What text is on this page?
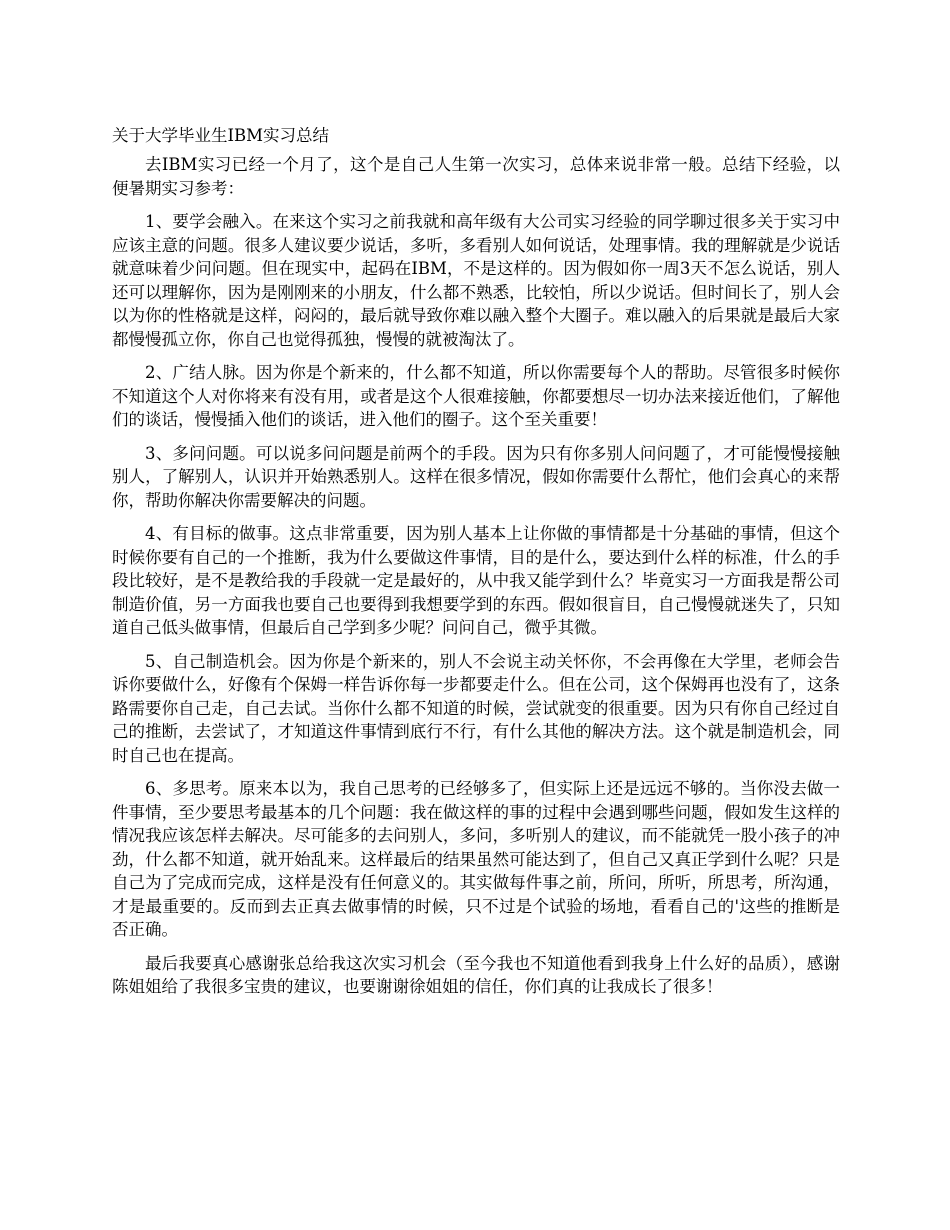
关于大学毕业生IBM实习总结

去IBM实习已经一个月了，这个是自己人生第一次实习，总体来说非常一般。总结下经验，以便暑期实习参考：

1、要学会融入。在来这个实习之前我就和高年级有大公司实习经验的同学聊过很多关于实习中应该主意的问题。很多人建议要少说话，多听，多看别人如何说话，处理事情。我的理解就是少说话就意味着少问问题。但在现实中，起码在IBM，不是这样的。因为假如你一周3天不怎么说话，别人还可以理解你，因为是刚刚来的小朋友，什么都不熟悉，比较怕，所以少说话。但时间长了，别人会以为你的性格就是这样，闷闷的，最后就导致你难以融入整个大圈子。难以融入的后果就是最后大家都慢慢孤立你，你自己也觉得孤独，慢慢的就被淘汰了。

2、广结人脉。因为你是个新来的，什么都不知道，所以你需要每个人的帮助。尽管很多时候你不知道这个人对你将来有没有用，或者是这个人很难接触，你都要想尽一切办法来接近他们，了解他们的谈话，慢慢插入他们的谈话，进入他们的圈子。这个至关重要！

3、多问问题。可以说多问问题是前两个的手段。因为只有你多别人问问题了，才可能慢慢接触别人，了解别人，认识并开始熟悉别人。这样在很多情况，假如你需要什么帮忙，他们会真心的来帮你，帮助你解决你需要解决的问题。

4、有目标的做事。这点非常重要，因为别人基本上让你做的事情都是十分基础的事情，但这个时候你要有自己的一个推断，我为什么要做这件事情，目的是什么，要达到什么样的标准，什么的手段比较好，是不是教给我的手段就一定是最好的，从中我又能学到什么？毕竟实习一方面我是帮公司制造价值，另一方面我也要自己也要得到我想要学到的东西。假如很盲目，自己慢慢就迷失了，只知道自己低头做事情，但最后自己学到多少呢？问问自己，微乎其微。

5、自己制造机会。因为你是个新来的，别人不会说主动关怀你，不会再像在大学里，老师会告诉你要做什么，好像有个保姆一样告诉你每一步都要走什么。但在公司，这个保姆再也没有了，这条路需要你自己走，自己去试。当你什么都不知道的时候，尝试就变的很重要。因为只有你自己经过自己的推断，去尝试了，才知道这件事情到底行不行，有什么其他的解决方法。这个就是制造机会，同时自己也在提高。

6、多思考。原来本以为，我自己思考的已经够多了，但实际上还是远远不够的。当你没去做一件事情，至少要思考最基本的几个问题：我在做这样的事的过程中会遇到哪些问题，假如发生这样的情况我应该怎样去解决。尽可能多的去问别人，多问，多听别人的建议，而不能就凭一股小孩子的冲劲，什么都不知道，就开始乱来。这样最后的结果虽然可能达到了，但自己又真正学到什么呢？只是自己为了完成而完成，这样是没有任何意义的。其实做每件事之前，所问，所听，所思考，所沟通，才是最重要的。反而到去正真去做事情的时候，只不过是个试验的场地，看看自己的'这些的推断是否正确。

最后我要真心感谢张总给我这次实习机会（至今我也不知道他看到我身上什么好的品质），感谢陈姐姐给了我很多宝贵的建议，也要谢谢徐姐姐的信任，你们真的让我成长了很多！
